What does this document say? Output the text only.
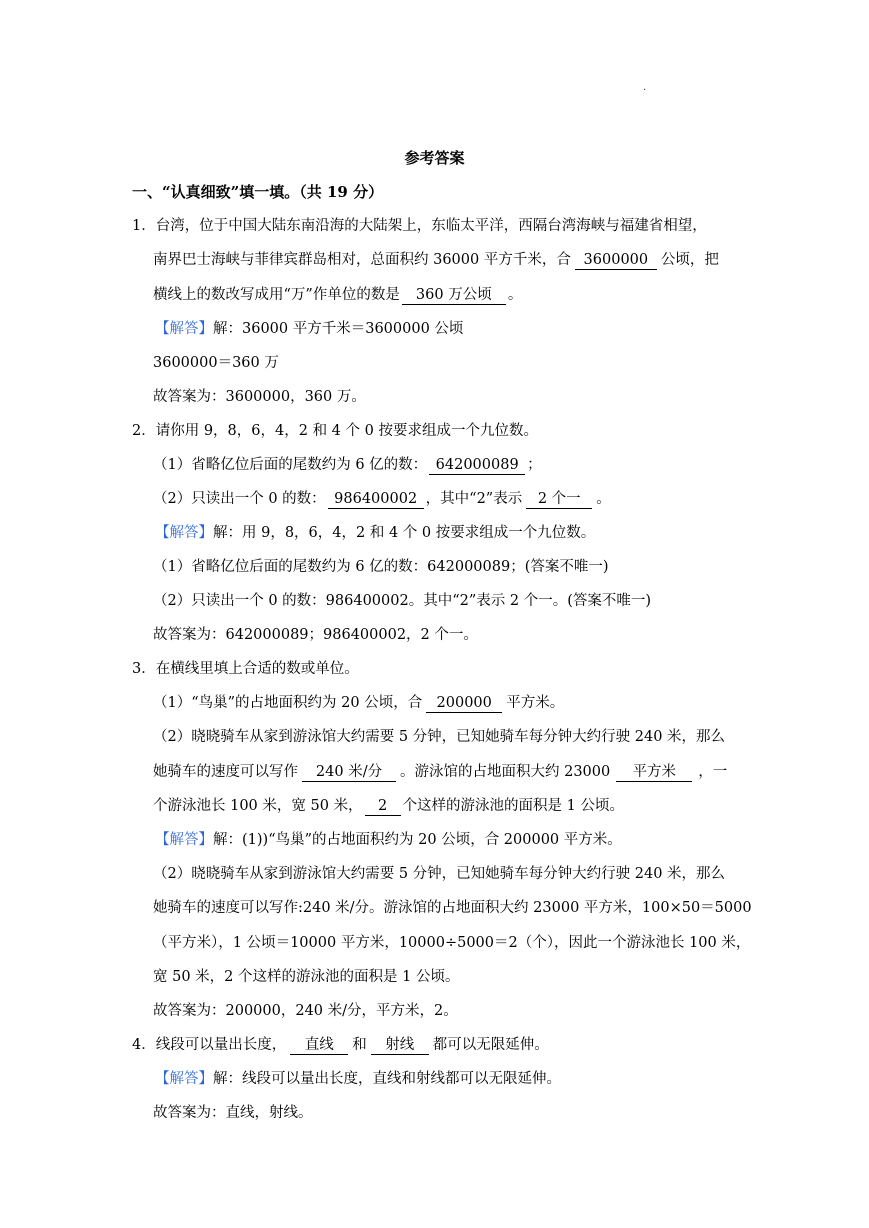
.
参考答案
一、“认真细致”填一填。（共 19 分）
1．台湾，位于中国大陆东南沿海的大陆架上，东临太平洋，西隔台湾海峡与福建省相望，
南界巴士海峡与菲律宾群岛相对，总面积约 36000 平方千米，合 3600000 公顷，把
横线上的数改写成用“万”作单位的数是 360 万公顷 。
【解答】解：36000 平方千米＝3600000 公顷
3600000＝360 万
故答案为：3600000，360 万。
2．请你用 9，8，6，4，2 和 4 个 0 按要求组成一个九位数。
（1）省略亿位后面的尾数约为 6 亿的数： 642000089 ；
（2）只读出一个 0 的数： 986400002 ，其中“2”表示 2 个一 。
【解答】解：用 9，8，6，4，2 和 4 个 0 按要求组成一个九位数。
（1）省略亿位后面的尾数约为 6 亿的数：642000089；(答案不唯一)
（2）只读出一个 0 的数：986400002。其中“2”表示 2 个一。(答案不唯一)
故答案为：642000089；986400002，2 个一。
3．在横线里填上合适的数或单位。
（1）“鸟巢”的占地面积约为 20 公顷，合 200000 平方米。
（2）晓晓骑车从家到游泳馆大约需要 5 分钟，已知她骑车每分钟大约行驶 240 米，那么
她骑车的速度可以写作 240 米/分 。游泳馆的占地面积大约 23000 平方米 ，一
个游泳池长 100 米，宽 50 米， 2 个这样的游泳池的面积是 1 公顷。
【解答】解：(1))“鸟巢”的占地面积约为 20 公顷，合 200000 平方米。
（2）晓晓骑车从家到游泳馆大约需要 5 分钟，已知她骑车每分钟大约行驶 240 米，那么
她骑车的速度可以写作:240 米/分。游泳馆的占地面积大约 23000 平方米，100×50＝5000
（平方米），1 公顷＝10000 平方米，10000÷5000＝2（个），因此一个游泳池长 100 米，
宽 50 米，2 个这样的游泳池的面积是 1 公顷。
故答案为：200000，240 米/分，平方米，2。
4．线段可以量出长度， 直线 和 射线 都可以无限延伸。
【解答】解：线段可以量出长度，直线和射线都可以无限延伸。
故答案为：直线，射线。
